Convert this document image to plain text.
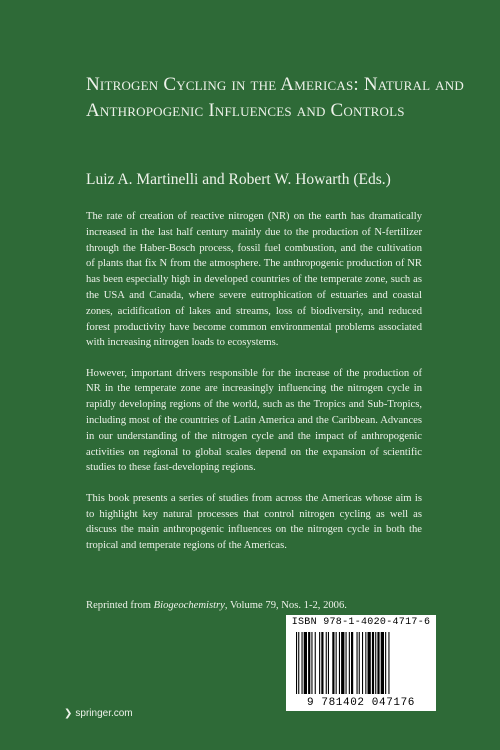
Nitrogen Cycling in the Americas: Natural and Anthropogenic Influences and Controls

Luiz A. Martinelli and Robert W. Howarth (Eds.)

The rate of creation of reactive nitrogen (NR) on the earth has dramatically increased in the last half century mainly due to the production of N-fertilizer through the Haber-Bosch process, fossil fuel combustion, and the cultivation of plants that fix N from the atmosphere. The anthropogenic production of NR has been especially high in developed countries of the temperate zone, such as the USA and Canada, where severe eutrophication of estuaries and coastal zones, acidification of lakes and streams, loss of biodiversity, and reduced forest productivity have become common environmental problems associated with increasing nitrogen loads to ecosystems.

However, important drivers responsible for the increase of the production of NR in the temperate zone are increasingly influencing the nitrogen cycle in rapidly developing regions of the world, such as the Tropics and Sub-Tropics, including most of the countries of Latin America and the Caribbean. Advances in our understanding of the nitrogen cycle and the impact of anthropogenic activities on regional to global scales depend on the expansion of scientific studies to these fast-developing regions.

This book presents a series of studies from across the Americas whose aim is to highlight key natural processes that control nitrogen cycling as well as discuss the main anthropogenic influences on the nitrogen cycle in both the tropical and temperate regions of the Americas.

Reprinted from Biogeochemistry, Volume 79, Nos. 1-2, 2006.

ISBN 978-1-4020-4717-6
9 781402 047176
❯ springer.com
